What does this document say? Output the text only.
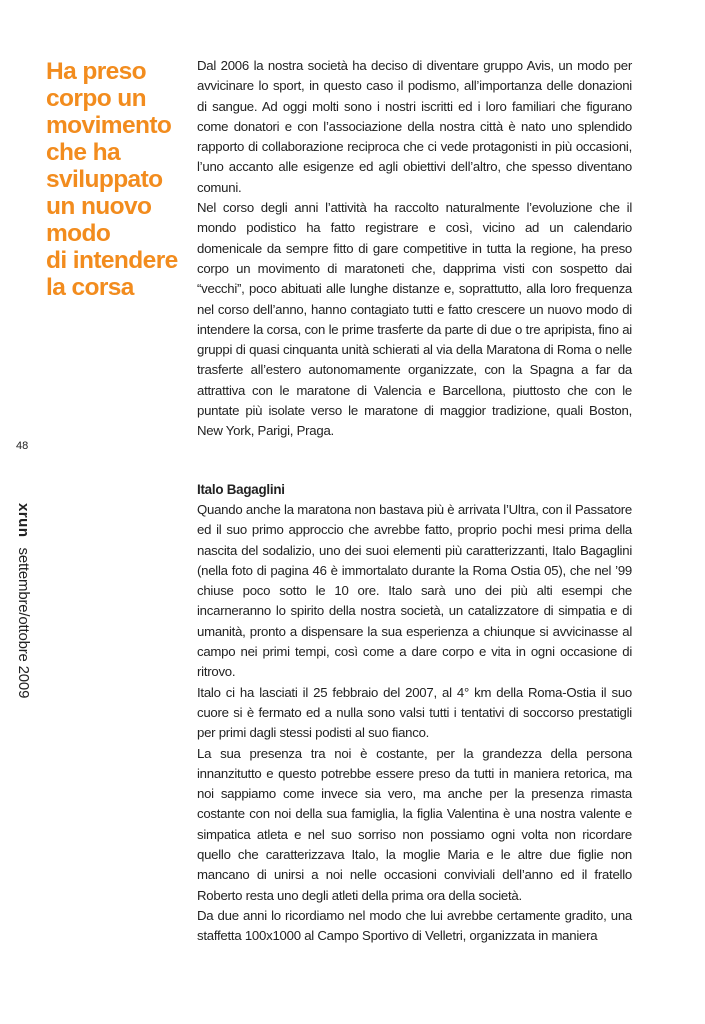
Ha preso
corpo un
movimento
che ha
sviluppato
un nuovo
modo
di intendere
la corsa
48
xrunsettembre/ottobre 2009

Dal 2006 la nostra società ha deciso di diventare gruppo Avis, un modo per avvicinare lo sport, in questo caso il podismo, all’importanza delle donazioni di sangue. Ad oggi molti sono i nostri iscritti ed i loro familiari che figurano come donatori e con l’associazione della nostra città è nato uno splendido rapporto di collaborazione reciproca che ci vede protagonisti in più occasioni, l’uno accanto alle esigenze ed agli obiettivi dell’altro, che spesso diventano comuni.

Nel corso degli anni l’attività ha raccolto naturalmente l’evoluzione che il mondo podistico ha fatto registrare e così, vicino ad un calendario domenicale da sempre fitto di gare competitive in tutta la regione, ha preso corpo un movimento di maratoneti che, dapprima visti con sospetto dai “vecchi”, poco abituati alle lunghe distanze e, soprattutto, alla loro frequenza nel corso dell’anno, hanno contagiato tutti e fatto crescere un nuovo modo di intendere la corsa, con le prime trasferte da parte di due o tre apripista, fino ai gruppi di quasi cinquanta unità schierati al via della Maratona di Roma o nelle trasferte all’estero autonomamente organizzate, con la Spagna a far da attrattiva con le maratone di Valencia e Barcellona, piuttosto che con le puntate più isolate verso le maratone di maggior tradizione, quali Boston, New York, Parigi, Praga.

Italo Bagaglini

Quando anche la maratona non bastava più è arrivata l’Ultra, con il Passatore ed il suo primo approccio che avrebbe fatto, proprio pochi mesi prima della nascita del sodalizio, uno dei suoi elementi più caratterizzanti, Italo Bagaglini (nella foto di pagina 46 è immortalato durante la Roma Ostia 05), che nel ’99 chiuse poco sotto le 10 ore. Italo sarà uno dei più alti esempi che incarneranno lo spirito della nostra società, un catalizzatore di simpatia e di umanità, pronto a dispensare la sua esperienza a chiunque si avvicinasse al campo nei primi tempi, così come a dare corpo e vita in ogni occasione di ritrovo.

Italo ci ha lasciati il 25 febbraio del 2007, al 4° km della Roma-Ostia il suo cuore si è fermato ed a nulla sono valsi tutti i tentativi di soccorso prestatigli per primi dagli stessi podisti al suo fianco.

La sua presenza tra noi è costante, per la grandezza della persona innanzitutto e questo potrebbe essere preso da tutti in maniera retorica, ma noi sappiamo come invece sia vero, ma anche per la presenza rimasta costante con noi della sua famiglia, la figlia Valentina è una nostra valente e simpatica atleta e nel suo sorriso non possiamo ogni volta non ricordare quello che caratterizzava Italo, la moglie Maria e le altre due figlie non mancano di unirsi a noi nelle occasioni conviviali dell’anno ed il fratello Roberto resta uno degli atleti della prima ora della società.

Da due anni lo ricordiamo nel modo che lui avrebbe certamente gradito, una staffetta 100x1000 al Campo Sportivo di Velletri, organizzata in maniera
